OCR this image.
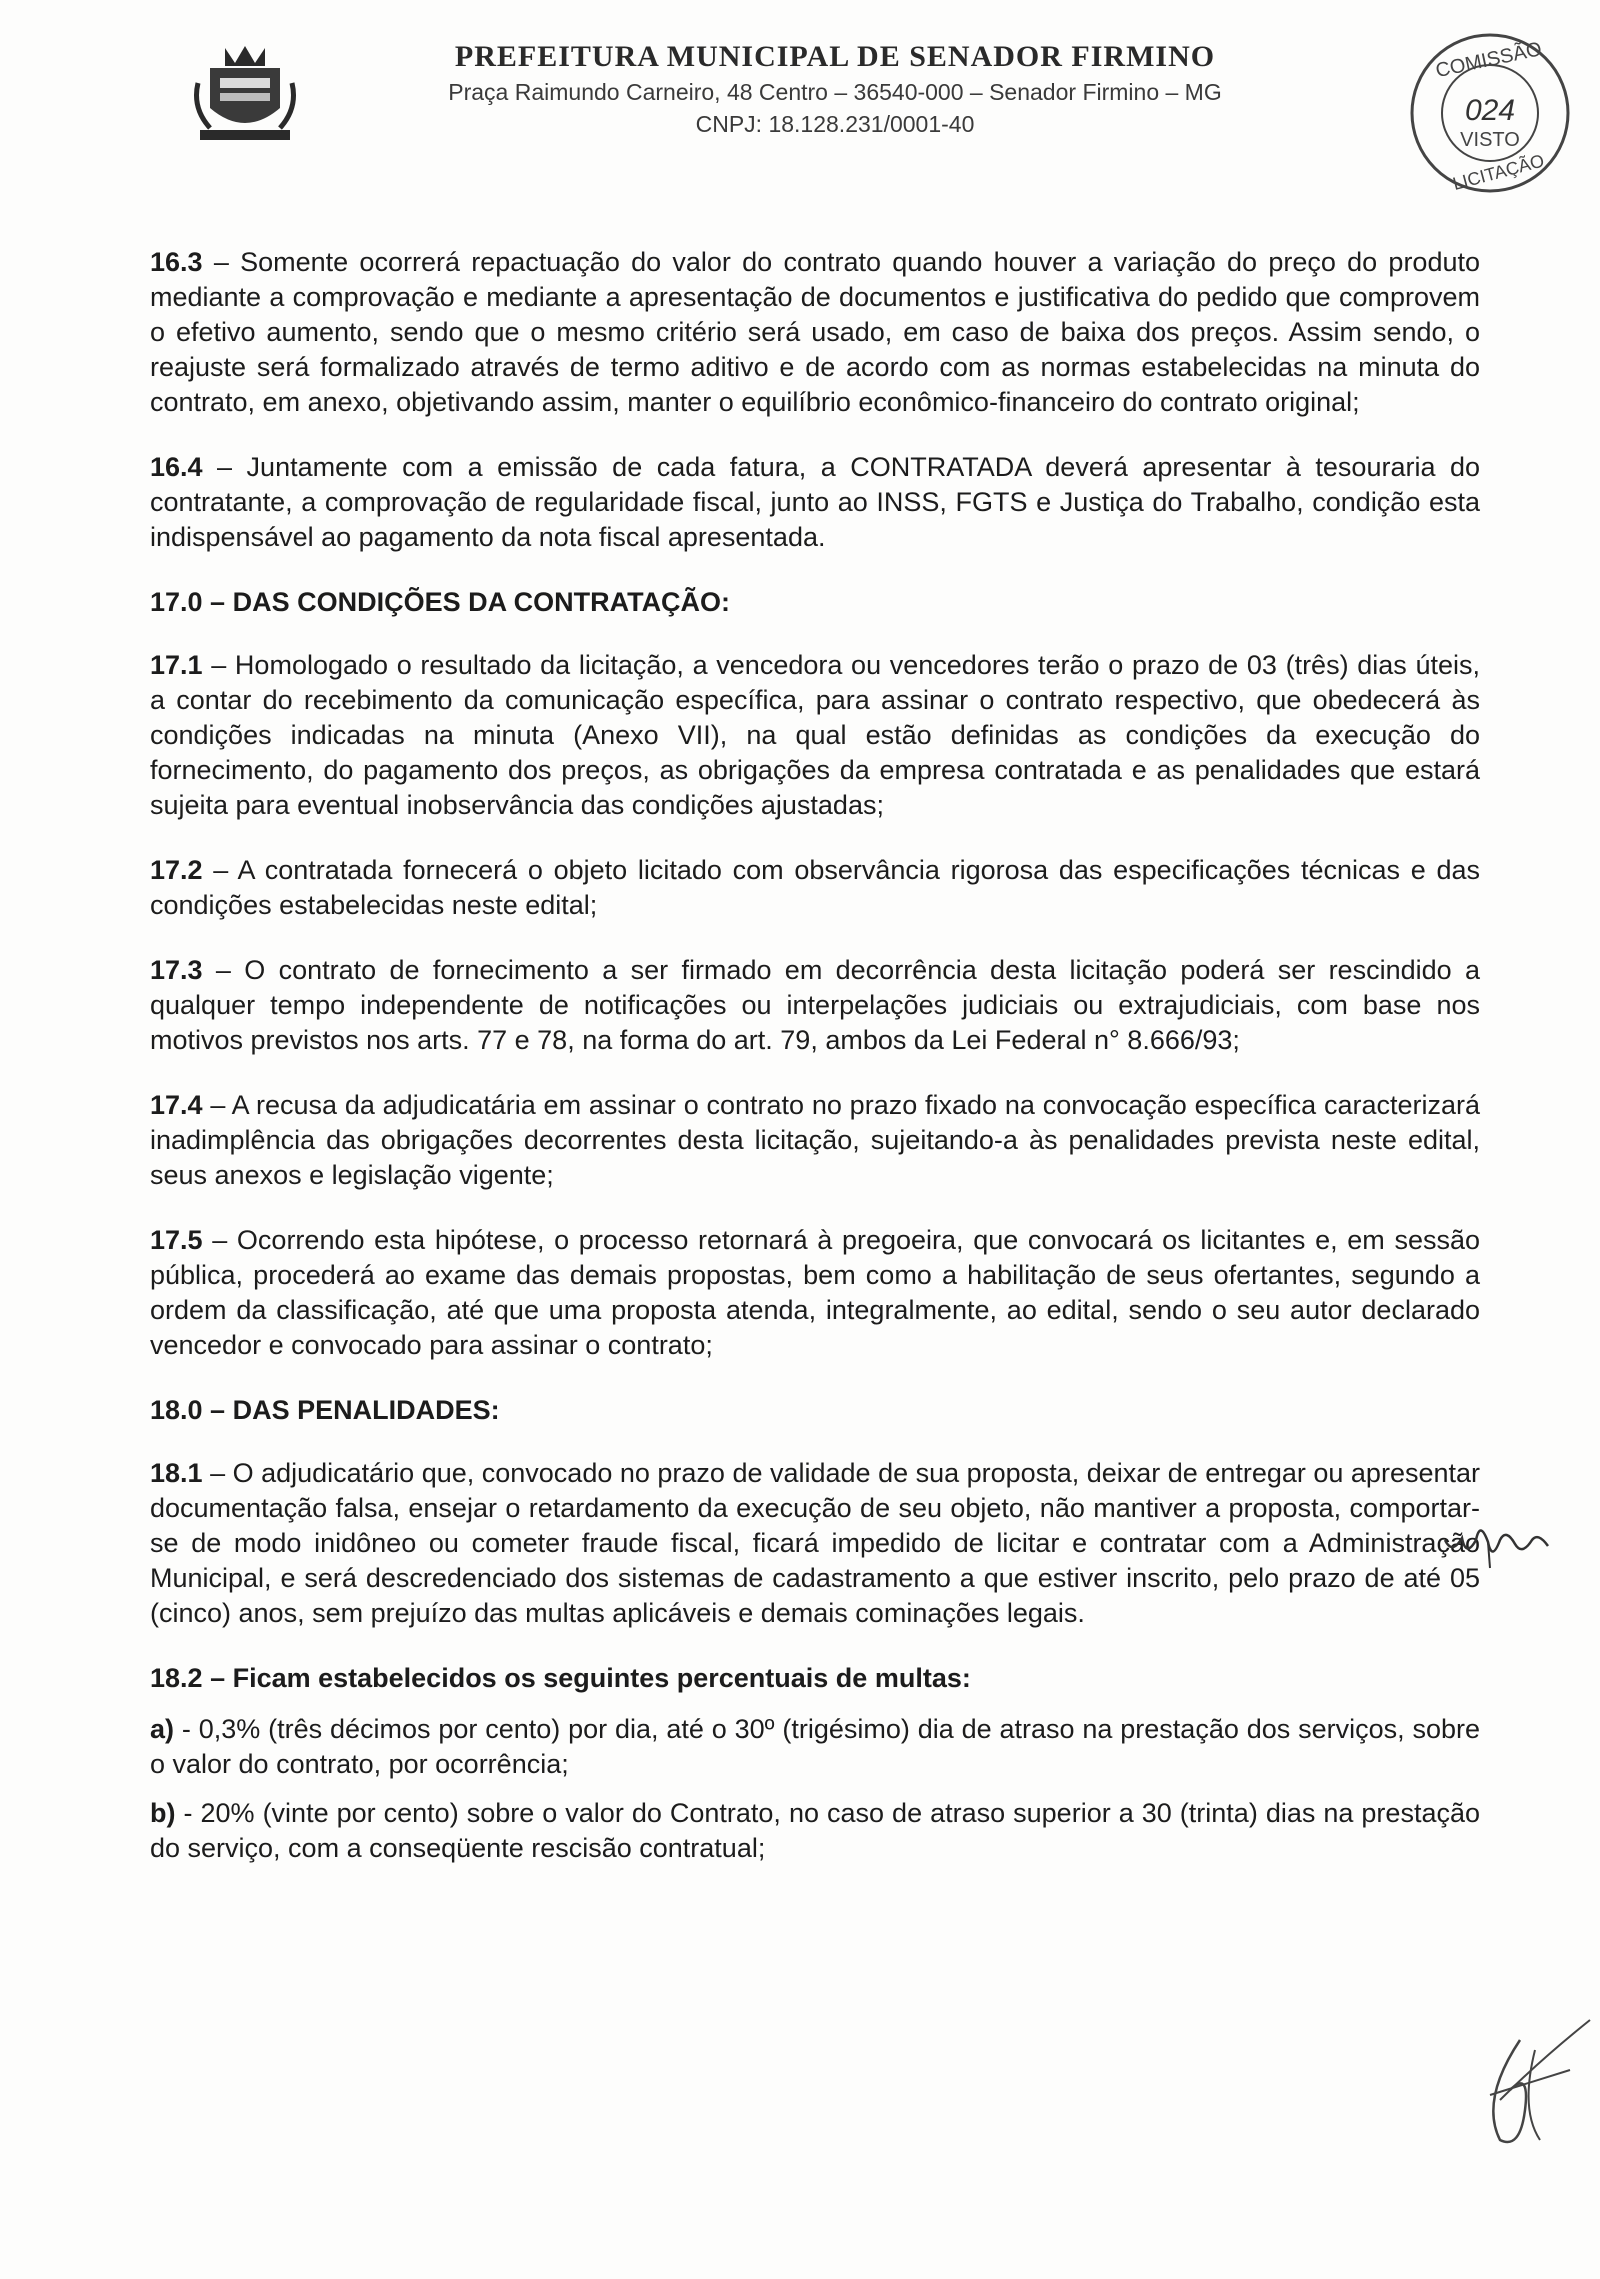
PREFEITURA MUNICIPAL DE SENADOR FIRMINO
Praça Raimundo Carneiro, 48 Centro – 36540-000 – Senador Firmino – MG
CNPJ: 18.128.231/0001-40
COMISSÃO
024
VISTO
LICITAÇÃO

16.3 – Somente ocorrerá repactuação do valor do contrato quando houver a variação do preço do produto mediante a comprovação e mediante a apresentação de documentos e justificativa do pedido que comprovem o efetivo aumento, sendo que o mesmo critério será usado, em caso de baixa dos preços. Assim sendo, o reajuste será formalizado através de termo aditivo e de acordo com as normas estabelecidas na minuta do contrato, em anexo, objetivando assim, manter o equilíbrio econômico-financeiro do contrato original;

16.4 – Juntamente com a emissão de cada fatura, a CONTRATADA deverá apresentar à tesouraria do contratante, a comprovação de regularidade fiscal, junto ao INSS, FGTS e Justiça do Trabalho, condição esta indispensável ao pagamento da nota fiscal apresentada.

17.0 – DAS CONDIÇÕES DA CONTRATAÇÃO:

17.1 – Homologado o resultado da licitação, a vencedora ou vencedores terão o prazo de 03 (três) dias úteis, a contar do recebimento da comunicação específica, para assinar o contrato respectivo, que obedecerá às condições indicadas na minuta (Anexo VII), na qual estão definidas as condições da execução do fornecimento, do pagamento dos preços, as obrigações da empresa contratada e as penalidades que estará sujeita para eventual inobservância das condições ajustadas;

17.2 – A contratada fornecerá o objeto licitado com observância rigorosa das especificações técnicas e das condições estabelecidas neste edital;

17.3 – O contrato de fornecimento a ser firmado em decorrência desta licitação poderá ser rescindido a qualquer tempo independente de notificações ou interpelações judiciais ou extrajudiciais, com base nos motivos previstos nos arts. 77 e 78, na forma do art. 79, ambos da Lei Federal n° 8.666/93;

17.4 – A recusa da adjudicatária em assinar o contrato no prazo fixado na convocação específica caracterizará inadimplência das obrigações decorrentes desta licitação, sujeitando-a às penalidades prevista neste edital, seus anexos e legislação vigente;

17.5 – Ocorrendo esta hipótese, o processo retornará à pregoeira, que convocará os licitantes e, em sessão pública, procederá ao exame das demais propostas, bem como a habilitação de seus ofertantes, segundo a ordem da classificação, até que uma proposta atenda, integralmente, ao edital, sendo o seu autor declarado vencedor e convocado para assinar o contrato;

18.0 – DAS PENALIDADES:

18.1 – O adjudicatário que, convocado no prazo de validade de sua proposta, deixar de entregar ou apresentar documentação falsa, ensejar o retardamento da execução de seu objeto, não mantiver a proposta, comportar-se de modo inidôneo ou cometer fraude fiscal, ficará impedido de licitar e contratar com a Administração Municipal, e será descredenciado dos sistemas de cadastramento a que estiver inscrito, pelo prazo de até 05 (cinco) anos, sem prejuízo das multas aplicáveis e demais cominações legais.

18.2 – Ficam estabelecidos os seguintes percentuais de multas:

a) - 0,3% (três décimos por cento) por dia, até o 30º (trigésimo) dia de atraso na prestação dos serviços, sobre o valor do contrato, por ocorrência;

b) - 20% (vinte por cento) sobre o valor do Contrato, no caso de atraso superior a 30 (trinta) dias na prestação do serviço, com a conseqüente rescisão contratual;
